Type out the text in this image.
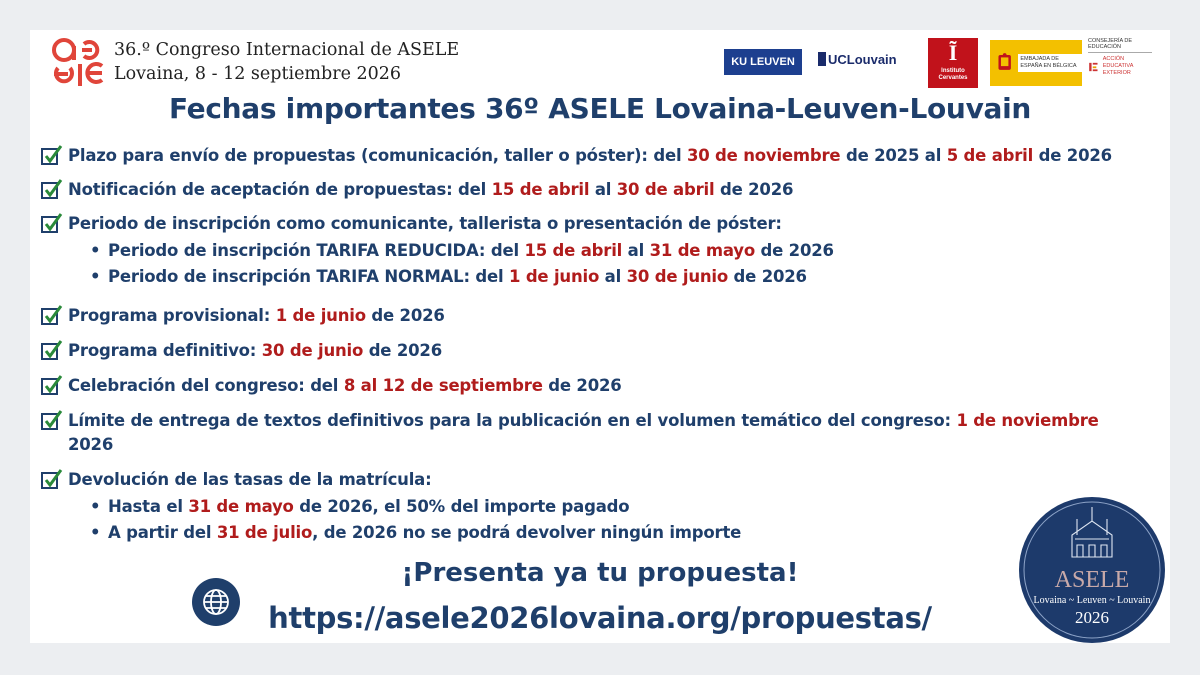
36.º Congreso Internacional de ASELE
Lovaina, 8 - 12 septiembre 2026
KU LEUVEN	UCLouvain	Ĩ
Instituto Cervantes
EMBAJADA DE ESPAÑA EN BÉLGICA
CONSEJERÍA DE EDUCACIÓN
ACCIÓN EDUCATIVA EXTERIOR
Fechas importantes 36º ASELE Lovaina-Leuven-Louvain
Plazo para envío de propuestas (comunicación, taller o póster): del 30 de noviembre de 2025 al 5 de abril de 2026
Notificación de aceptación de propuestas: del 15 de abril al 30 de abril de 2026
Periodo de inscripción como comunicante, tallerista o presentación de póster:
• Periodo de inscripción TARIFA REDUCIDA: del 15 de abril al 31 de mayo de 2026
• Periodo de inscripción TARIFA NORMAL: del 1 de junio al 30 de junio de 2026
Programa provisional: 1 de junio de 2026
Programa definitivo: 30 de junio de 2026
Celebración del congreso: del 8 al 12 de septiembre de 2026
Límite de entrega de textos definitivos para la publicación en el volumen temático del congreso: 1 de noviembre
2026
Devolución de las tasas de la matrícula:
• Hasta el 31 de mayo de 2026, el 50% del importe pagado
• A partir del 31 de julio, de 2026 no se podrá devolver ningún importe
¡Presenta ya tu propuesta!
https://asele2026lovaina.org/propuestas/
ASELE
Lovaina ~ Leuven ~ Louvain
2026
